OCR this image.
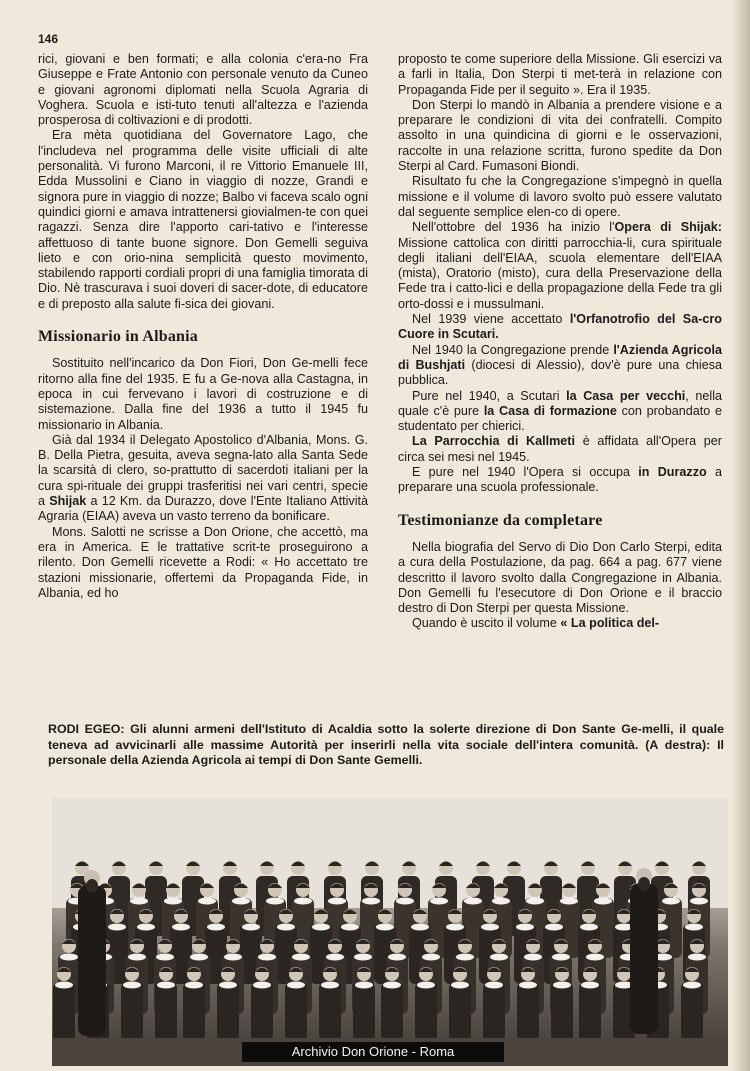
146

rici, giovani e ben formati; e alla colonia c'era-no Fra Giuseppe e Frate Antonio con personale venuto da Cuneo e giovani agronomi diplomati nella Scuola Agraria di Voghera. Scuola e isti-tuto tenuti all'altezza e l'azienda prosperosa di coltivazioni e di prodotti.

Era mèta quotidiana del Governatore Lago, che l'includeva nel programma delle visite ufficiali di alte personalità. Vi furono Marconi, il re Vittorio Emanuele III, Edda Mussolini e Ciano in viaggio di nozze, Grandi e signora pure in viaggio di nozze; Balbo vi faceva scalo ogni quindici giorni e amava intrattenersi giovialmen-te con quei ragazzi. Senza dire l'apporto cari-tativo e l'interesse affettuoso di tante buone signore. Don Gemelli seguiva lieto e con orio-nina semplicità questo movimento, stabilendo rapporti cordiali propri di una famiglia timorata di Dio. Nè trascurava i suoi doveri di sacer-dote, di educatore e di preposto alla salute fi-sica dei giovani.

Missionario in Albania

Sostituito nell'incarico da Don Fiori, Don Ge-melli fece ritorno alla fine del 1935. E fu a Ge-nova alla Castagna, in epoca in cui fervevano i lavori di costruzione e di sistemazione. Dalla fine del 1936 a tutto il 1945 fu missionario in Albania.

Già dal 1934 il Delegato Apostolico d'Albania, Mons. G. B. Della Pietra, gesuita, aveva segna-lato alla Santa Sede la scarsità di clero, so-prattutto di sacerdoti italiani per la cura spi-rituale dei gruppi trasferitisi nei vari centri, specie a Shijak a 12 Km. da Durazzo, dove l'Ente Italiano Attività Agraria (EIAA) aveva un vasto terreno da bonificare.

Mons. Salotti ne scrisse a Don Orione, che accettò, ma era in America. E le trattative scrit-te proseguirono a rilento. Don Gemelli ricevette a Rodi: « Ho accettato tre stazioni missionarie, offertemi da Propaganda Fide, in Albania, ed ho

proposto te come superiore della Missione. Gli esercizi va a farli in Italia, Don Sterpi ti met-terà in relazione con Propaganda Fide per il seguito ». Era il 1935.

Don Sterpi lo mandò in Albania a prendere visione e a preparare le condizioni di vita dei confratelli. Compito assolto in una quindicina di giorni e le osservazioni, raccolte in una relazione scritta, furono spedite da Don Sterpi al Card. Fumasoni Biondi.

Risultato fu che la Congregazione s'impegnò in quella missione e il volume di lavoro svolto può essere valutato dal seguente semplice elen-co di opere.

Nell'ottobre del 1936 ha inizio l'Opera di Shijak: Missione cattolica con diritti parrocchia-li, cura spirituale degli italiani dell'EIAA, scuola elementare dell'EIAA (mista), Oratorio (misto), cura della Preservazione della Fede tra i catto-lici e della propagazione della Fede tra gli orto-dossi e i mussulmani.

Nel 1939 viene accettato l'Orfanotrofio del Sa-cro Cuore in Scutari.

Nel 1940 la Congregazione prende l'Azienda Agricola di Bushjati (diocesi di Alessio), dov'è pure una chiesa pubblica.

Pure nel 1940, a Scutari la Casa per vecchi, nella quale c'è pure la Casa di formazione con probandato e studentato per chierici.

La Parrocchia di Kallmeti è affidata all'Opera per circa sei mesi nel 1945.

E pure nel 1940 l'Opera si occupa in Durazzo a preparare una scuola professionale.

Testimonianze da completare

Nella biografia del Servo di Dio Don Carlo Sterpi, edita a cura della Postulazione, da pag. 664 a pag. 677 viene descritto il lavoro svolto dalla Congregazione in Albania. Don Gemelli fu l'esecutore di Don Orione e il braccio destro di Don Sterpi per questa Missione.

Quando è uscito il volume « La politica del-

RODI EGEO: Gli alunni armeni dell'Istituto di Acaldia sotto la solerte direzione di Don Sante Ge-melli, il quale teneva ad avvicinarli alle massime Autorità per inserirli nella vita sociale dell'intera comunità. (A destra): Il personale della Azienda Agricola ai tempi di Don Sante Gemelli.
Archivio Don Orione - Roma
